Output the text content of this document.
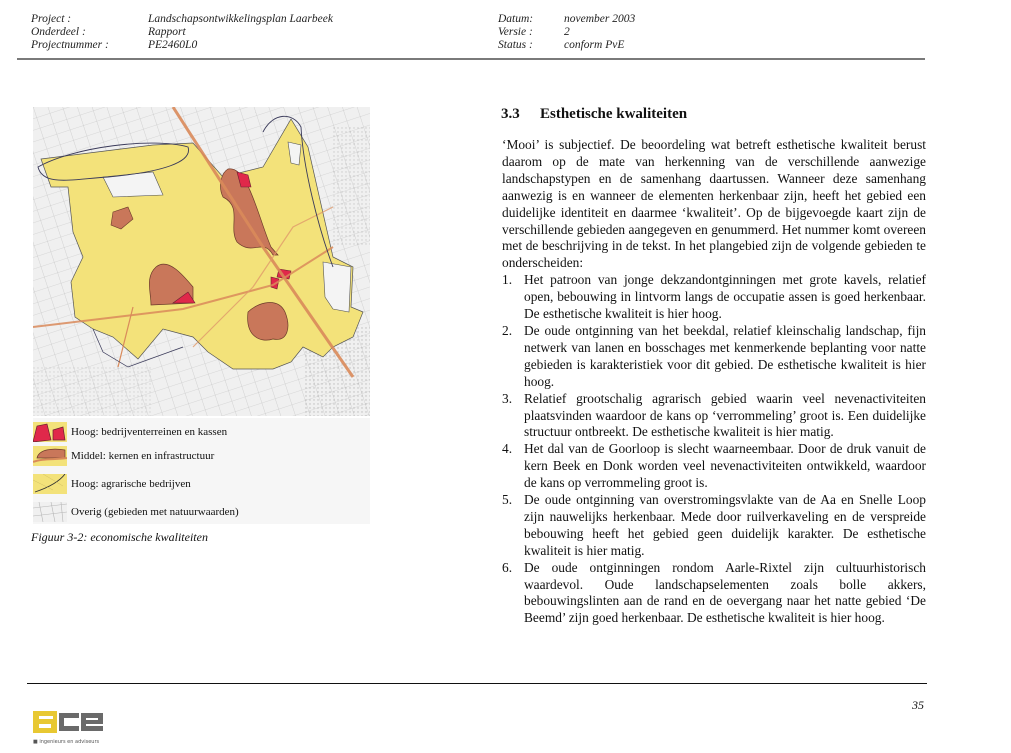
Project :	Landschapsontwikkelingsplan Laarbeek
Onderdeel :	Rapport
Projectnummer :	PE2460L0
Datum:	november 2003
Versie :	2
Status :	conform PvE
Hoog: bedrijventerreinen en kassen
Middel: kernen en infrastructuur
Hoog: agrarische bedrijven
Overig (gebieden met natuurwaarden)
Figuur 3-2: economische kwaliteiten
3.3 Esthetische kwaliteiten

‘Mooi’ is subjectief. De beoordeling wat betreft esthetische kwaliteit berust daarom op de mate van herkenning van de verschillende aanwezige landschapstypen en de samenhang daartussen. Wanneer deze samenhang aanwezig is en wanneer de elementen herkenbaar zijn, heeft het gebied een duidelijke identiteit en daarmee ‘kwaliteit’. Op de bijgevoegde kaart zijn de verschillende gebieden aangegeven en genummerd. Het nummer komt overeen met de beschrijving in de tekst. In het plangebied zijn de volgende gebieden te onderscheiden:

1. Het patroon van jonge dekzandontginningen met grote kavels, relatief open, bebouwing in lintvorm langs de occupatie assen is goed herkenbaar. De esthetische kwaliteit is hier hoog.
2. De oude ontginning van het beekdal, relatief kleinschalig landschap, fijn netwerk van lanen en bosschages met kenmerkende beplanting voor natte gebieden is karakteristiek voor dit gebied. De esthetische kwaliteit is hier hoog.
3. Relatief grootschalig agrarisch gebied waarin veel nevenactiviteiten plaatsvinden waardoor de kans op ‘verrommeling’ groot is. Een duidelijke structuur ontbreekt. De esthetische kwaliteit is hier matig.
4. Het dal van de Goorloop is slecht waarneembaar. Door de druk vanuit de kern Beek en Donk worden veel nevenactiviteiten ontwikkeld, waardoor de kans op verrommeling groot is.
5. De oude ontginning van overstromingsvlakte van de Aa en Snelle Loop zijn nauwelijks herkenbaar. Mede door ruilverkaveling en de verspreide bebouwing heeft het gebied geen duidelijk karakter. De esthetische kwaliteit is hier matig.
6. De oude ontginningen rondom Aarle-Rixtel zijn cultuurhistorisch waardevol. Oude landschapselementen zoals bolle akkers, bebouwingslinten aan de rand en de oevergang naar het natte gebied ‘De Beemd’ zijn goed herkenbaar. De esthetische kwaliteit is hier hoog.
35
■ ingenieurs en adviseurs
